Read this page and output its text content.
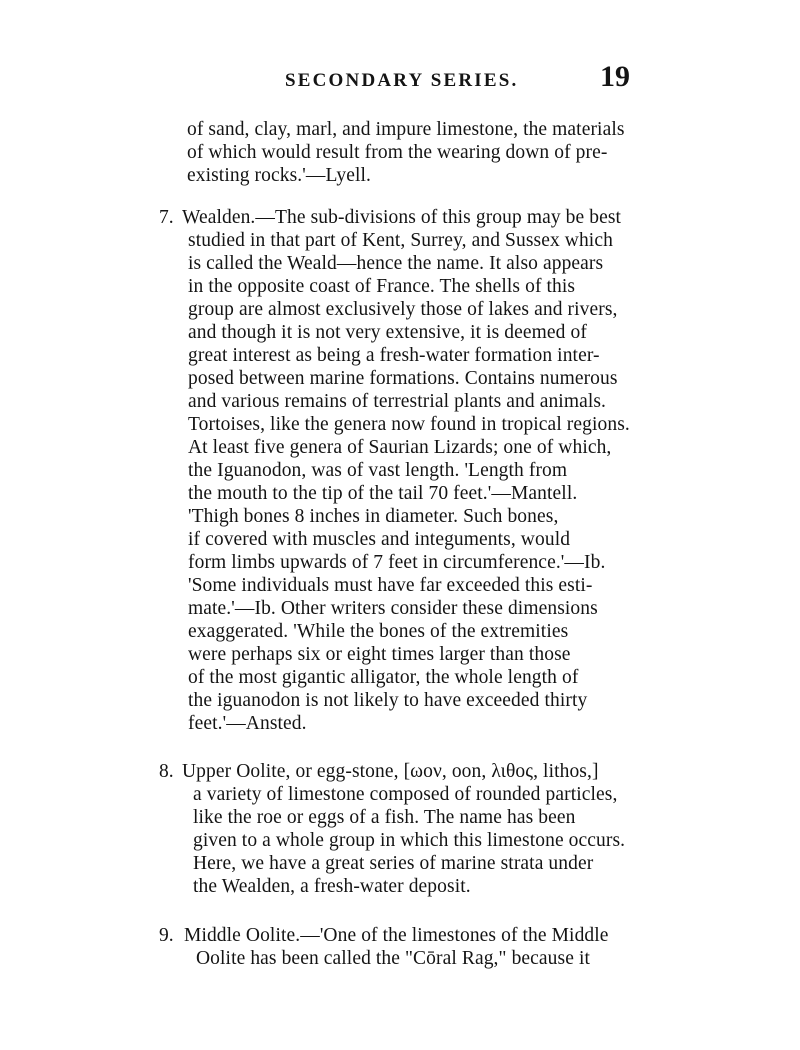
SECONDARY SERIES.	19
of sand, clay, marl, and impure limestone, the materials
of which would result from the wearing down of pre-
existing rocks.'—Lyell.
7. Wealden.—The sub-divisions of this group may be best
studied in that part of Kent, Surrey, and Sussex which
is called the Weald—hence the name. It also appears
in the opposite coast of France. The shells of this
group are almost exclusively those of lakes and rivers,
and though it is not very extensive, it is deemed of
great interest as being a fresh-water formation inter-
posed between marine formations. Contains numerous
and various remains of terrestrial plants and animals.
Tortoises, like the genera now found in tropical regions.
At least five genera of Saurian Lizards; one of which,
the Iguanodon, was of vast length. 'Length from
the mouth to the tip of the tail 70 feet.'—Mantell.
'Thigh bones 8 inches in diameter. Such bones,
if covered with muscles and integuments, would
form limbs upwards of 7 feet in circumference.'—Ib.
'Some individuals must have far exceeded this esti-
mate.'—Ib. Other writers consider these dimensions
exaggerated. 'While the bones of the extremities
were perhaps six or eight times larger than those
of the most gigantic alligator, the whole length of
the iguanodon is not likely to have exceeded thirty
feet.'—Ansted.
8. Upper Oolite, or egg-stone, [ωον, oon, λιθος, lithos,]
a variety of limestone composed of rounded particles,
like the roe or eggs of a fish. The name has been
given to a whole group in which this limestone occurs.
Here, we have a great series of marine strata under
the Wealden, a fresh-water deposit.
9. Middle Oolite.—'One of the limestones of the Middle
Oolite has been called the "Cōral Rag," because it
